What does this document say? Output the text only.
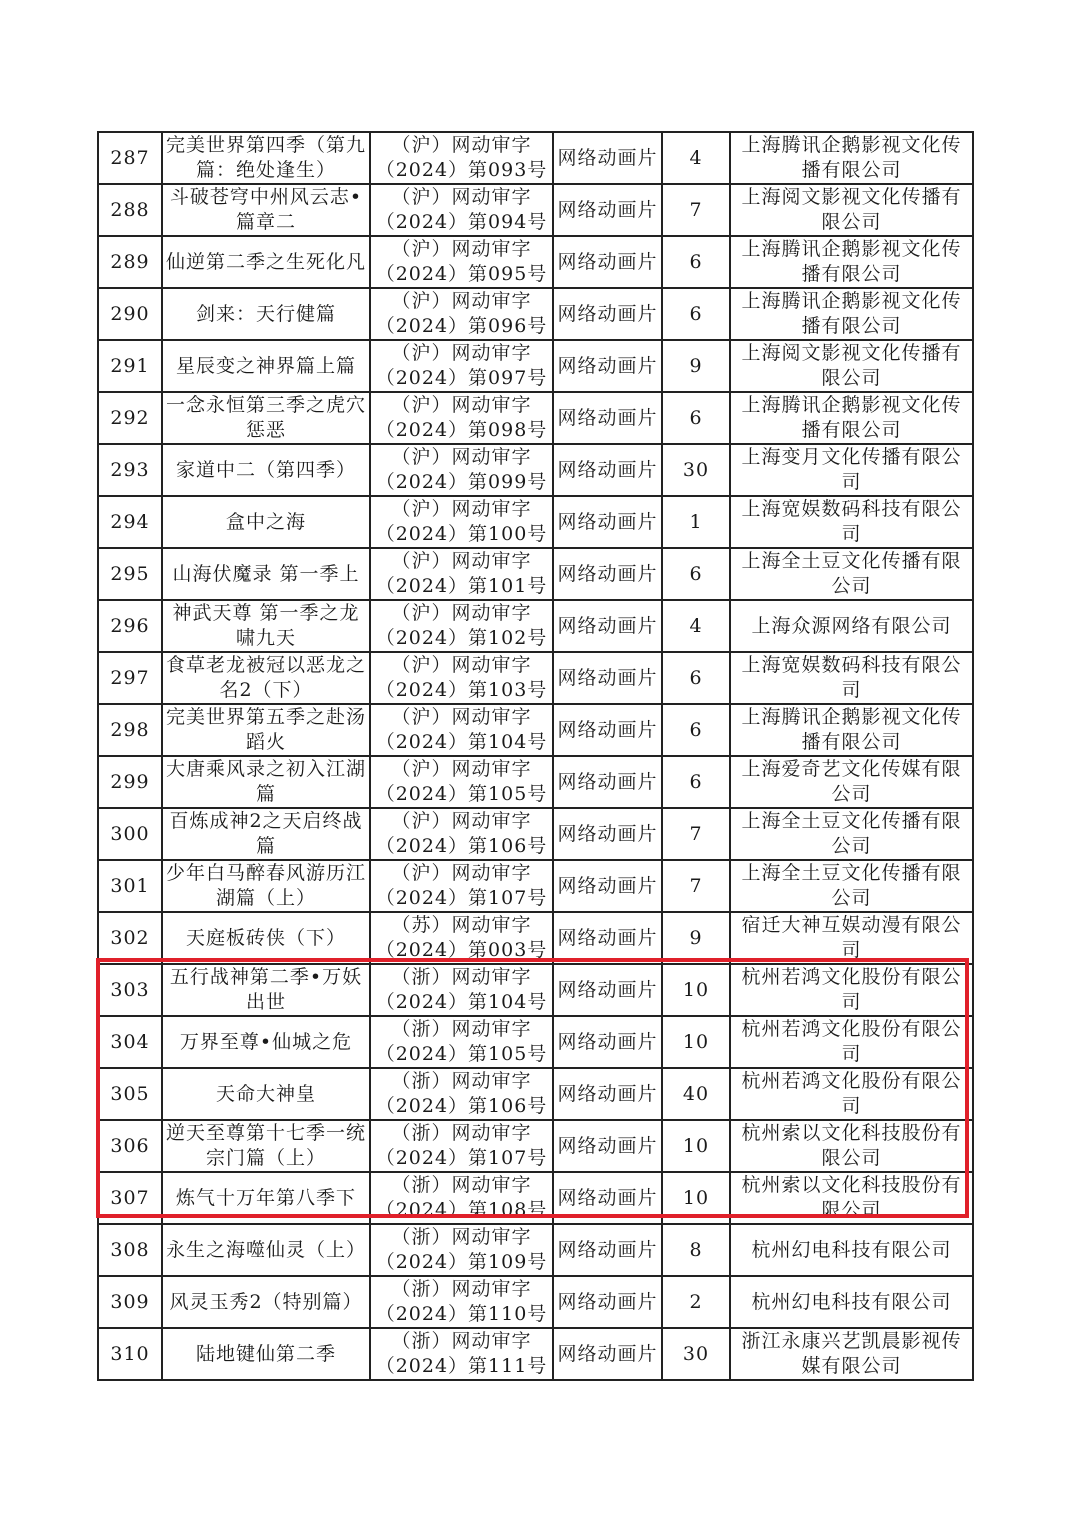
287	完美世界第四季（第九篇：绝处逢生）	（沪）网动审字
（2024）第093号	网络动画片	4	上海腾讯企鹅影视文化传播有限公司
288	斗破苍穹中州风云志•篇章二	（沪）网动审字
（2024）第094号	网络动画片	7	上海阅文影视文化传播有限公司
289	仙逆第二季之生死化凡	（沪）网动审字
（2024）第095号	网络动画片	6	上海腾讯企鹅影视文化传播有限公司
290	剑来：天行健篇	（沪）网动审字
（2024）第096号	网络动画片	6	上海腾讯企鹅影视文化传播有限公司
291	星辰变之神界篇上篇	（沪）网动审字
（2024）第097号	网络动画片	9	上海阅文影视文化传播有限公司
292	一念永恒第三季之虎穴惩恶	（沪）网动审字
（2024）第098号	网络动画片	6	上海腾讯企鹅影视文化传播有限公司
293	家道中二（第四季）	（沪）网动审字
（2024）第099号	网络动画片	30	上海变月文化传播有限公司
294	盒中之海	（沪）网动审字
（2024）第100号	网络动画片	1	上海宽娱数码科技有限公司
295	山海伏魔录 第一季上	（沪）网动审字
（2024）第101号	网络动画片	6	上海全土豆文化传播有限公司
296	神武天尊 第一季之龙啸九天	（沪）网动审字
（2024）第102号	网络动画片	4	上海众源网络有限公司
297	食草老龙被冠以恶龙之名2（下）	（沪）网动审字
（2024）第103号	网络动画片	6	上海宽娱数码科技有限公司
298	完美世界第五季之赴汤蹈火	（沪）网动审字
（2024）第104号	网络动画片	6	上海腾讯企鹅影视文化传播有限公司
299	大唐乘风录之初入江湖篇	（沪）网动审字
（2024）第105号	网络动画片	6	上海爱奇艺文化传媒有限公司
300	百炼成神2之天启终战篇	（沪）网动审字
（2024）第106号	网络动画片	7	上海全土豆文化传播有限公司
301	少年白马醉春风游历江湖篇（上）	（沪）网动审字
（2024）第107号	网络动画片	7	上海全土豆文化传播有限公司
302	天庭板砖侠（下）	（苏）网动审字
（2024）第003号	网络动画片	9	宿迁大神互娱动漫有限公司
303	五行战神第二季•万妖出世	（浙）网动审字
（2024）第104号	网络动画片	10	杭州若鸿文化股份有限公司
304	万界至尊•仙城之危	（浙）网动审字
（2024）第105号	网络动画片	10	杭州若鸿文化股份有限公司
305	天命大神皇	（浙）网动审字
（2024）第106号	网络动画片	40	杭州若鸿文化股份有限公司
306	逆天至尊第十七季一统宗门篇（上）	（浙）网动审字
（2024）第107号	网络动画片	10	杭州索以文化科技股份有限公司
307	炼气十万年第八季下	（浙）网动审字
（2024）第108号	网络动画片	10	杭州索以文化科技股份有限公司
308	永生之海噬仙灵（上）	（浙）网动审字
（2024）第109号	网络动画片	8	杭州幻电科技有限公司
309	风灵玉秀2（特别篇）	（浙）网动审字
（2024）第110号	网络动画片	2	杭州幻电科技有限公司
310	陆地键仙第二季	（浙）网动审字
（2024）第111号	网络动画片	30	浙江永康兴艺凯晨影视传媒有限公司
